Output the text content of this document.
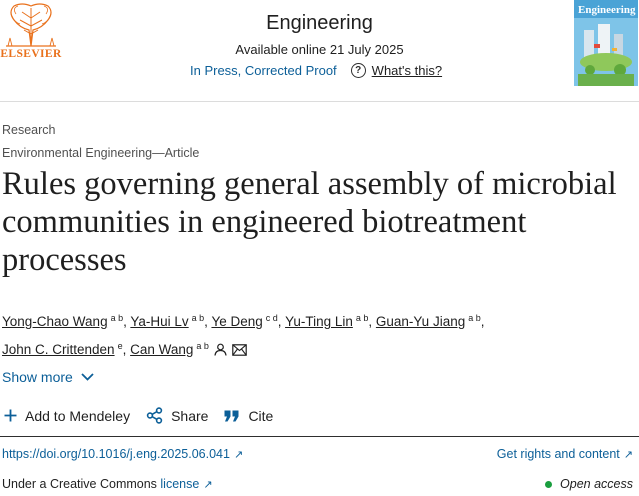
ELSEVIER
Engineering
Available online 21 July 2025
In Press, Corrected Proof	? What's this?
Engineering
Research
Environmental Engineering—Article
Rules governing general assembly of microbial communities in engineered biotreatment processes
Yong-Chao Wang $^{a b}$, Ya-Hui Lv $^{a b}$, Ye Deng $^{c d}$, Yu-Ting Lin $^{a b}$, Guan-Yu Jiang $^{a b}$,
John C. Crittenden $^e$, Can Wang $^{a b}$
Show more
Add to Mendeley	Share	Cite
https://doi.org/10.1016/j.eng.2025.06.041 ↗	Get rights and content ↗
Under a Creative Commons license ↗	Open access
